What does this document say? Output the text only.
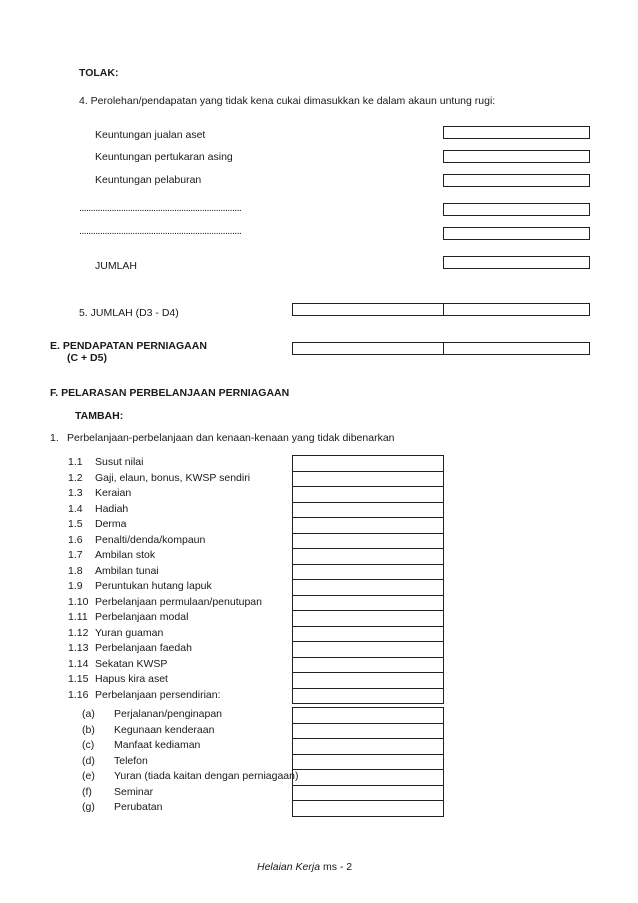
TOLAK:
4. Perolehan/pendapatan yang tidak kena cukai dimasukkan ke dalam akaun untung rugi:
Keuntungan jualan aset
Keuntungan pertukaran asing
Keuntungan pelaburan
......................................................................
......................................................................
JUMLAH
5. JUMLAH (D3 - D4)
E. PENDAPATAN PERNIAGAAN
(C + D5)
F. PELARASAN PERBELANJAAN PERNIAGAAN
TAMBAH:
1. Perbelanjaan-perbelanjaan dan kenaan-kenaan yang tidak dibenarkan
1.1 Susut nilai
1.2 Gaji, elaun, bonus, KWSP sendiri
1.3 Keraian
1.4 Hadiah
1.5 Derma
1.6 Penalti/denda/kompaun
1.7 Ambilan stok
1.8 Ambilan tunai
1.9 Peruntukan hutang lapuk
1.10 Perbelanjaan permulaan/penutupan
1.11 Perbelanjaan modal
1.12 Yuran guaman
1.13 Perbelanjaan faedah
1.14 Sekatan KWSP
1.15 Hapus kira aset
1.16 Perbelanjaan persendirian:
(a) Perjalanan/penginapan
(b) Kegunaan kenderaan
(c) Manfaat kediaman
(d) Telefon
(e) Yuran (tiada kaitan dengan perniagaan)
(f) Seminar
(g) Perubatan
Helaian Kerja ms - 2
